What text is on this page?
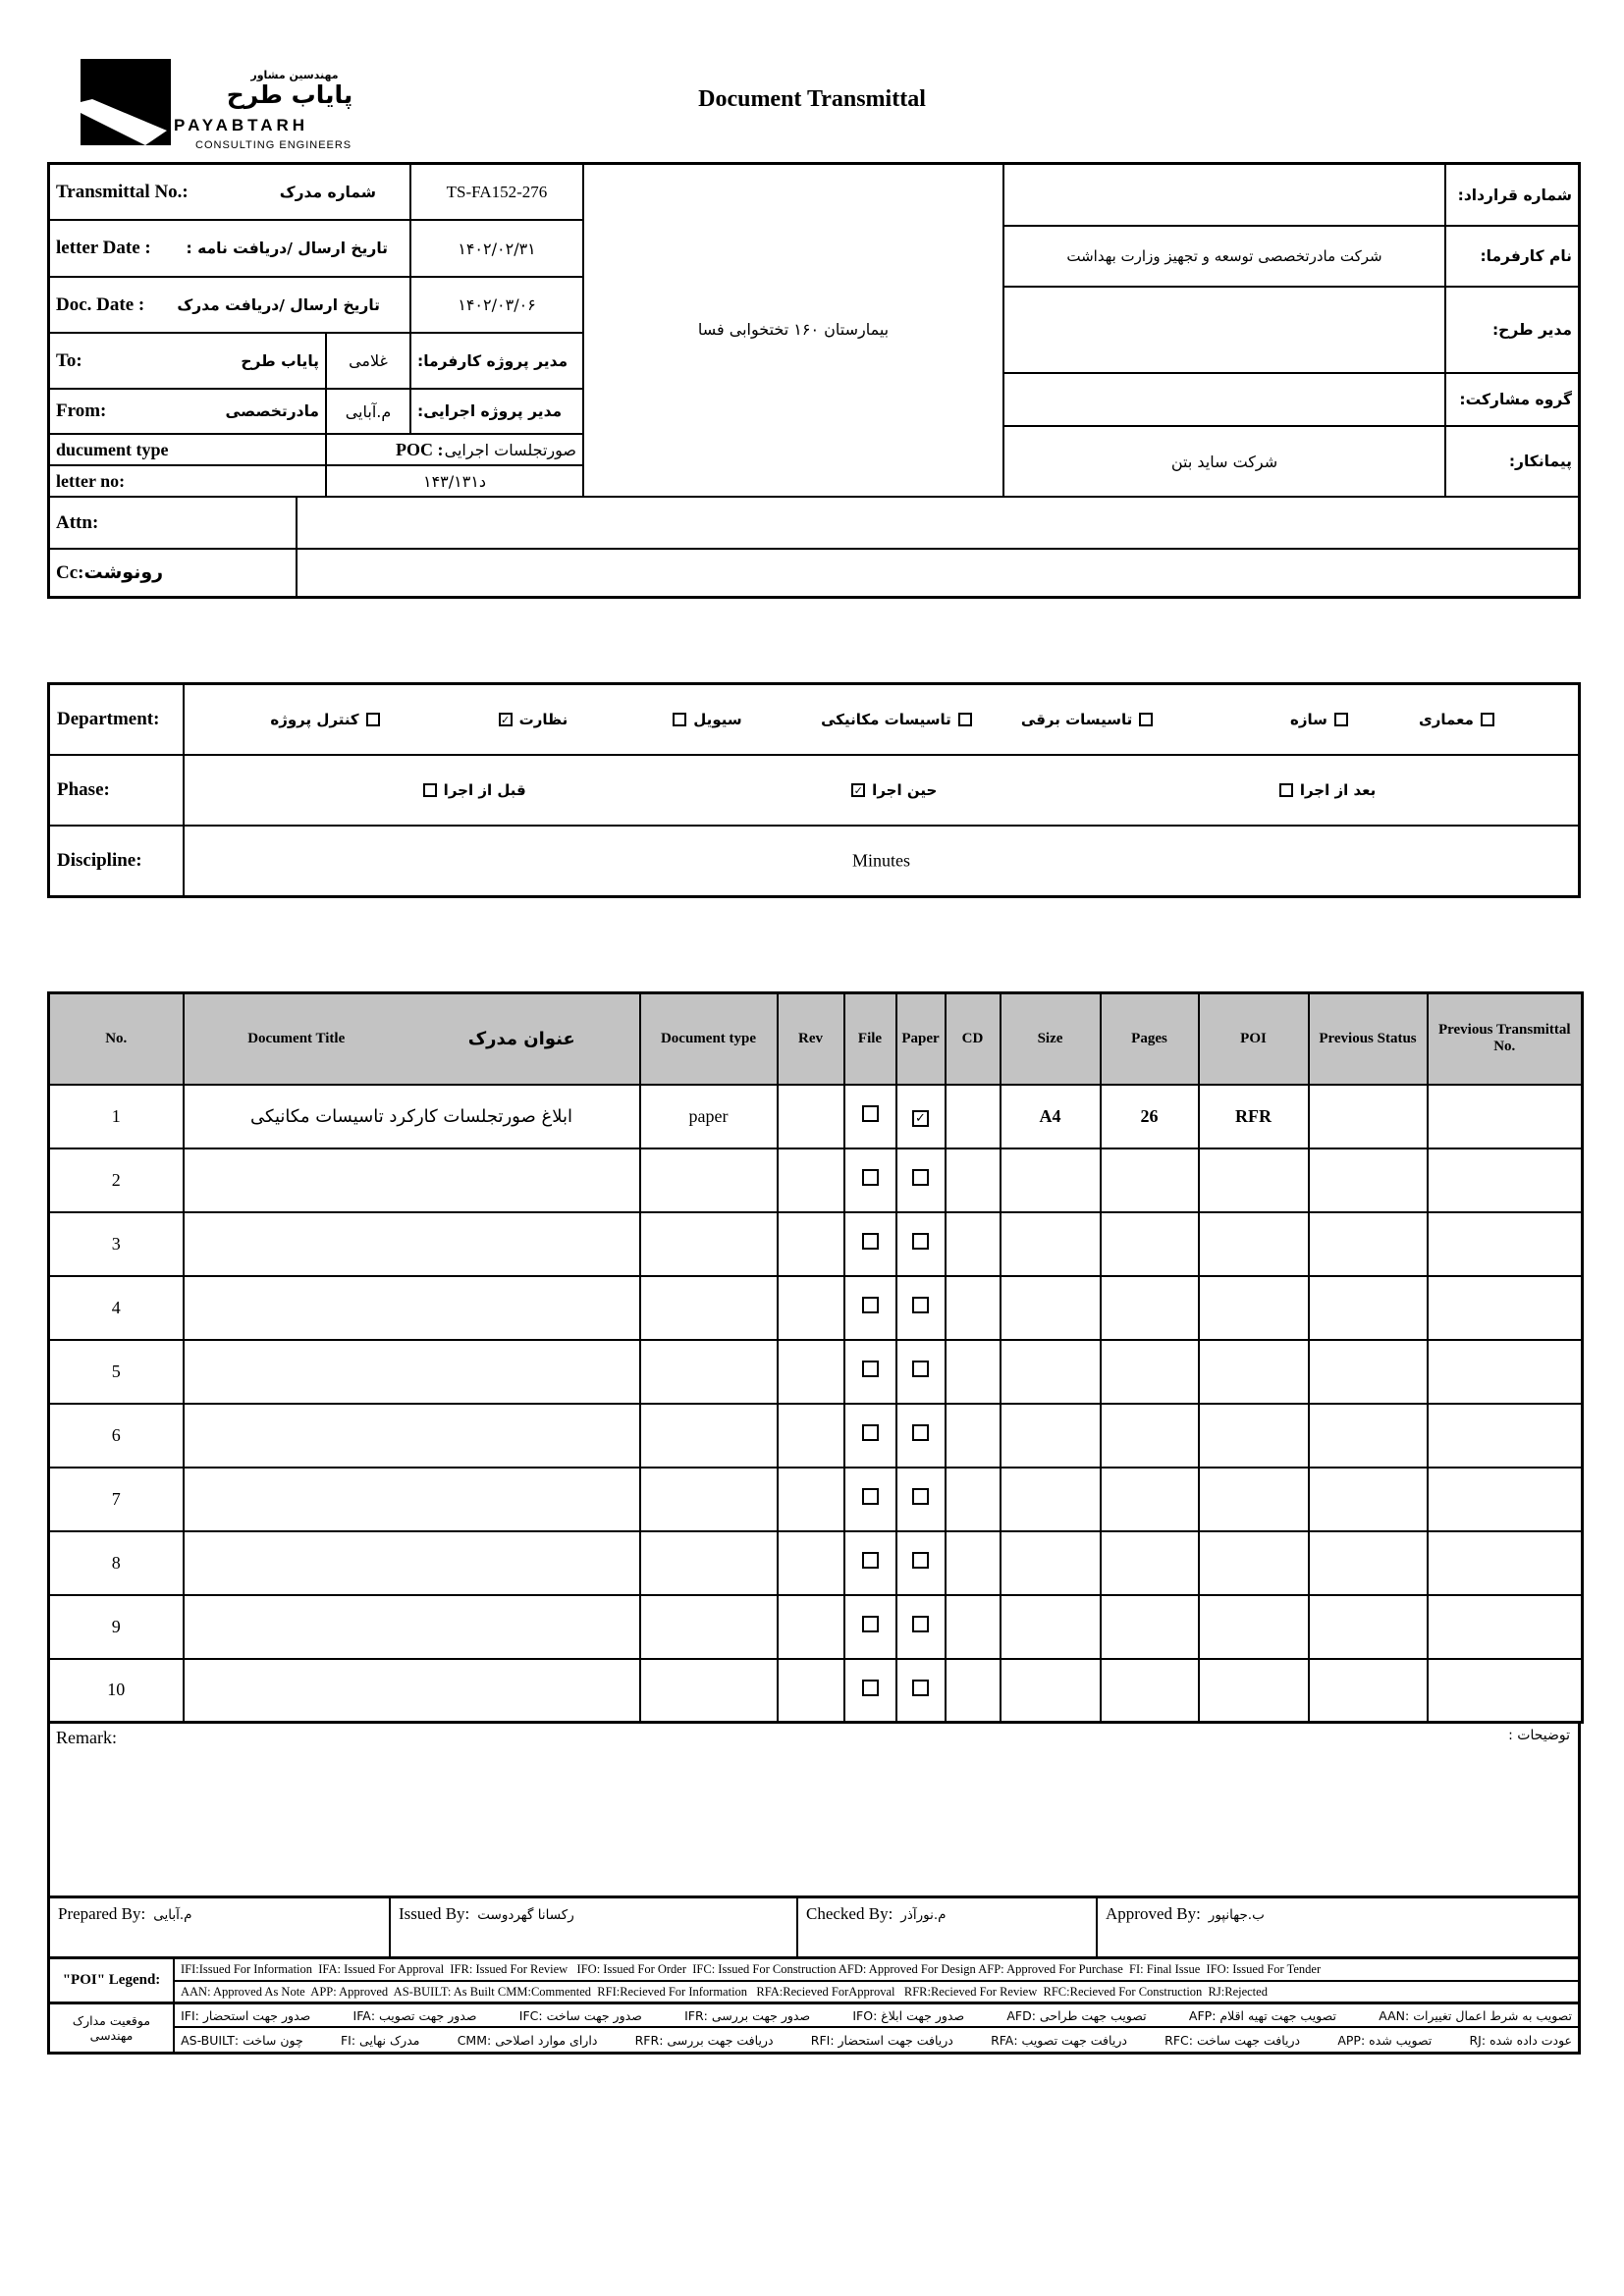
مهندسین مشاور
پایاب طرح
PAYABTARH
CONSULTING ENGINEERS
Document Transmittal
Transmittal No.:	شماره مدرک	TS-FA152-276
letter Date : تاریخ ارسال /دریافت نامه :	۱۴۰۲/۰۲/۳۱
Doc. Date : تاریخ ارسال /دریافت مدرک	۱۴۰۲/۰۳/۰۶
To:	پایاب طرح	غلامی	مدیر پروژه کارفرما:
From:	مادرتخصصی	م.آبایی	مدیر پروژه اجرایی:
ducument type	POC : صورتجلسات اجرایی
letter no:	د۱۴۳/۱۳۱
بیمارستان ۱۶۰ تختخوابی فسا
شماره قرارداد:
شرکت مادرتخصصی توسعه و تجهیز وزارت بهداشت	نام کارفرما:
مدیر طرح:
گروه مشارکت:
شرکت ساید بتن	پیمانکار:
Attn:
Cc:رونوشت
Department:	معماری
سازه
تاسیسات برقی
تاسیسات مکانیکی
سیویل
✓ نظارت
کنترل پروژه
Phase:	بعد از اجرا
✓ حین اجرا
قبل از اجرا
Discipline:	Minutes
No.	Document Title عنوان مدرک	Document type	Rev	File	Paper	CD	Size	Pages	POI	Previous Status	Previous Transmittal No.
1	ابلاغ صورتجلسات کارکرد تاسیسات مکانیکی	paper			✓		A4	26	RFR		
2											
3											
4											
5											
6											
7											
8											
9											
10											
Remark:	توضیحات :
Prepared By: م.آبایی	Issued By: رکسانا گهردوست	Checked By: م.نورآذر	Approved By: ب.جهانپور
"POI" Legend:
IFI:Issued For Information  IFA: Issued For Approval  IFR: Issued For Review   IFO: Issued For Order  IFC: Issued For Construction AFD: Approved For Design AFP: Approved For Purchase  FI: Final Issue  IFO: Issued For Tender
AAN: Approved As Note  APP: Approved  AS-BUILT: As Built CMM:Commented  RFI:Recieved For Information   RFA:Recieved ForApproval   RFR:Recieved For Review  RFC:Recieved For Construction  RJ:Rejected
موقعیت مدارک مهندسی
تصویب به شرط اعمال تغییرات :AAN
تصویب جهت تهیه اقلام :AFP
تصویب جهت طراحی :AFD
صدور جهت ابلاغ :IFO
صدور جهت بررسی :IFR
صدور جهت ساخت :IFC
صدور جهت تصویب :IFA
صدور جهت استحضار :IFI
عودت داده شده :RJ
تصویب شده :APP
دریافت جهت ساخت :RFC
دریافت جهت تصویب :RFA
دریافت جهت استحضار :RFI
دریافت جهت بررسی :RFR
دارای موارد اصلاحی :CMM
مدرک نهایی :FI
چون ساخت :AS-BUILT
